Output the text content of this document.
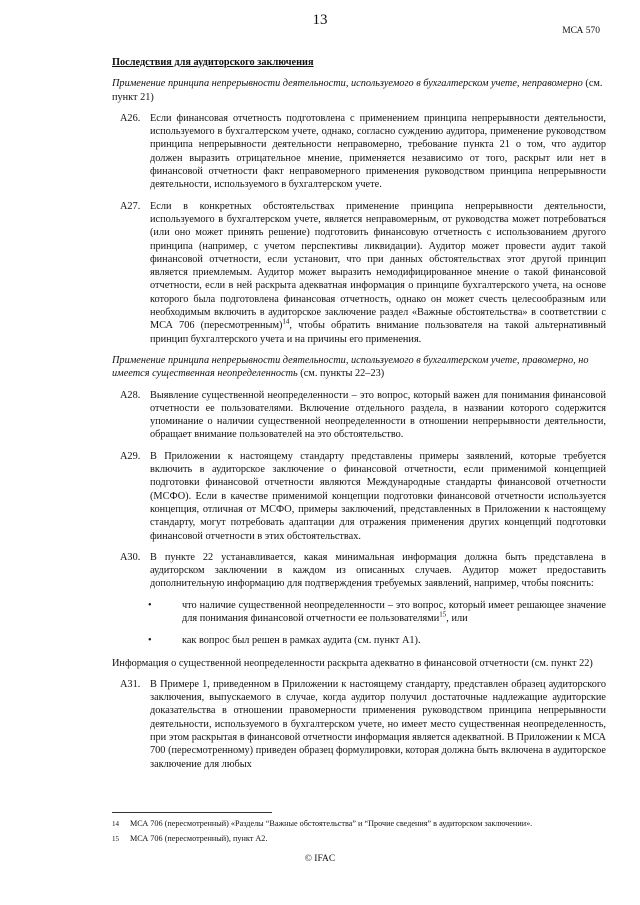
13
МСА 570

Последствия для аудиторского заключения

Применение принципа непрерывности деятельности, используемого в бухгалтерском учете, неправомерно (см. пункт 21)

A26. Если финансовая отчетность подготовлена с применением принципа непрерывности деятельности, используемого в бухгалтерском учете, однако, согласно суждению аудитора, применение руководством принципа непрерывности деятельности неправомерно, требование пункта 21 о том, что аудитор должен выразить отрицательное мнение, применяется независимо от того, раскрыт или нет в финансовой отчетности факт неправомерного применения руководством принципа непрерывности деятельности, используемого в бухгалтерском учете.
A27. Если в конкретных обстоятельствах применение принципа непрерывности деятельности, используемого в бухгалтерском учете, является неправомерным, от руководства может потребоваться (или оно может принять решение) подготовить финансовую отчетность с использованием другого принципа (например, с учетом перспективы ликвидации). Аудитор может провести аудит такой финансовой отчетности, если установит, что при данных обстоятельствах этот другой принцип является приемлемым. Аудитор может выразить немодифицированное мнение о такой финансовой отчетности, если в ней раскрыта адекватная информация о принципе бухгалтерского учета, на основе которого была подготовлена финансовая отчетность, однако он может счесть целесообразным или необходимым включить в аудиторское заключение раздел «Важные обстоятельства» в соответствии с МСА 706 (пересмотренным)$^{14}$, чтобы обратить внимание пользователя на такой альтернативный принцип бухгалтерского учета и на причины его применения.

Применение принципа непрерывности деятельности, используемого в бухгалтерском учете, правомерно, но имеется существенная неопределенность (см. пункты 22–23)

A28. Выявление существенной неопределенности – это вопрос, который важен для понимания финансовой отчетности ее пользователями. Включение отдельного раздела, в названии которого содержится упоминание о наличии существенной неопределенности в отношении непрерывности деятельности, обращает внимание пользователей на это обстоятельство.
A29. В Приложении к настоящему стандарту представлены примеры заявлений, которые требуется включить в аудиторское заключение о финансовой отчетности, если применимой концепцией подготовки финансовой отчетности являются Международные стандарты финансовой отчетности (МСФО). Если в качестве применимой концепции подготовки финансовой отчетности используется концепция, отличная от МСФО, примеры заключений, представленных в Приложении к настоящему стандарту, могут потребовать адаптации для отражения применения других концепций подготовки финансовой отчетности в этих обстоятельствах.
A30. В пункте 22 устанавливается, какая минимальная информация должна быть представлена в аудиторском заключении в каждом из описанных случаев. Аудитор может предоставить дополнительную информацию для подтверждения требуемых заявлений, например, чтобы пояснить:
•	что наличие существенной неопределенности – это вопрос, который имеет решающее значение для понимания финансовой отчетности ее пользователями$^{15}$, или
•	как вопрос был решен в рамках аудита (см. пункт A1).

Информация о существенной неопределенности раскрыта адекватно в финансовой отчетности (см. пункт 22)

A31. В Примере 1, приведенном в Приложении к настоящему стандарту, представлен образец аудиторского заключения, выпускаемого в случае, когда аудитор получил достаточные надлежащие аудиторские доказательства в отношении правомерности применения руководством принципа непрерывности деятельности, используемого в бухгалтерском учете, но имеет место существенная неопределенность, при этом раскрытая в финансовой отчетности информация является адекватной. В Приложении к МСА 700 (пересмотренному) приведен образец формулировки, которая должна быть включена в аудиторское заключение для любых
14	МСА 706 (пересмотренный) «Разделы “Важные обстоятельства” и “Прочие сведения” в аудиторском заключении».
15	МСА 706 (пересмотренный), пункт А2.
© IFAC
